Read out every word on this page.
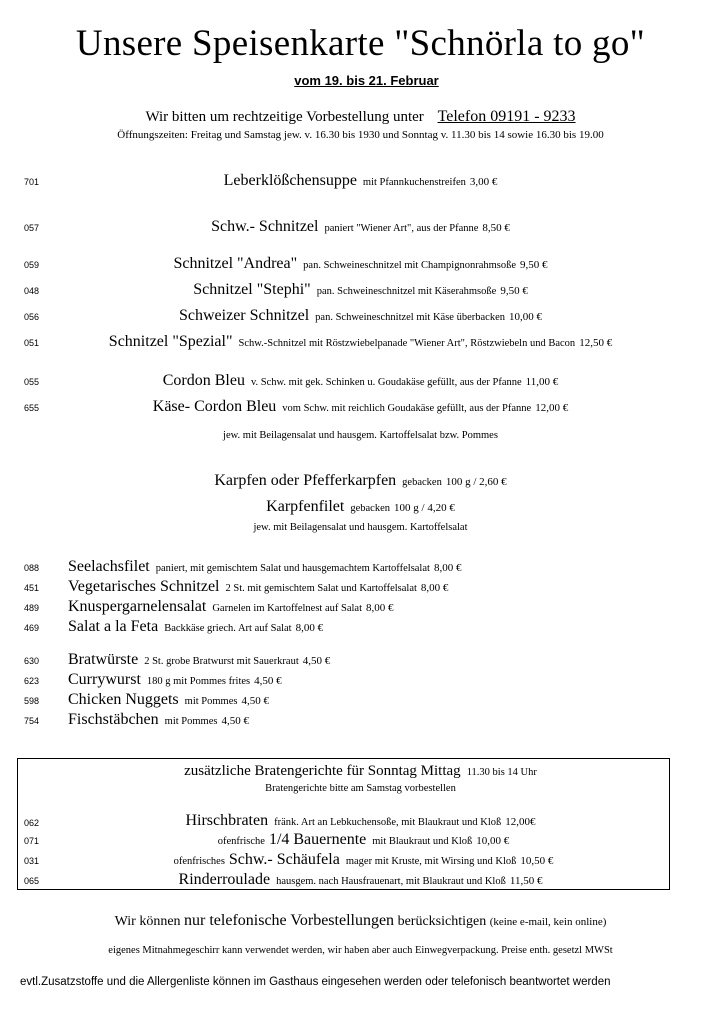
Unsere Speisenkarte "Schnörla to go"
vom 19. bis 21. Februar
Wir bitten um rechtzeitige Vorbestellung unter Telefon 09191 - 9233
Öffnungszeiten: Freitag und Samstag jew. v. 16.30 bis 1930 und Sonntag v. 11.30 bis 14 sowie 16.30 bis 19.00
701	Leberklößchensuppe mit Pfannkuchenstreifen 3,00 €
057	Schw.- Schnitzel paniert "Wiener Art", aus der Pfanne 8,50 €
059	Schnitzel "Andrea" pan. Schweineschnitzel mit Champignonrahmsoße 9,50 €
048	Schnitzel "Stephi" pan. Schweineschnitzel mit Käserahmsoße 9,50 €
056	Schweizer Schnitzel pan. Schweineschnitzel mit Käse überbacken 10,00 €
051	Schnitzel "Spezial" Schw.-Schnitzel mit Röstzwiebelpanade "Wiener Art", Röstzwiebeln und Bacon 12,50 €
055	Cordon Bleu v. Schw. mit gek. Schinken u. Goudakäse gefüllt, aus der Pfanne 11,00 €
655	Käse- Cordon Bleu vom Schw. mit reichlich Goudakäse gefüllt, aus der Pfanne 12,00 €
jew. mit Beilagensalat und hausgem. Kartoffelsalat bzw. Pommes
Karpfen oder Pfefferkarpfen gebacken 100 g / 2,60 €
Karpfenfilet gebacken 100 g / 4,20 €
jew. mit Beilagensalat und hausgem. Kartoffelsalat
088 Seelachsfilet paniert, mit gemischtem Salat und hausgemachtem Kartoffelsalat 8,00 €
451 Vegetarisches Schnitzel 2 St. mit gemischtem Salat und Kartoffelsalat 8,00 €
489 Knuspergarnelensalat Garnelen im Kartoffelnest auf Salat 8,00 €
469 Salat a la Feta Backkäse griech. Art auf Salat 8,00 €
630 Bratwürste 2 St. grobe Bratwurst mit Sauerkraut 4,50 €
623 Currywurst 180 g mit Pommes frites 4,50 €
598 Chicken Nuggets mit Pommes 4,50 €
754 Fischstäbchen mit Pommes 4,50 €
zusätzliche Bratengerichte für Sonntag Mittag 11.30 bis 14 Uhr
Bratengerichte bitte am Samstag vorbestellen
062	Hirschbraten fränk. Art an Lebkuchensoße, mit Blaukraut und Kloß 12,00€
071	ofenfrische 1/4 Bauernente mit Blaukraut und Kloß 10,00 €
031	ofenfrisches Schw.- Schäufela mager mit Kruste, mit Wirsing und Kloß 10,50 €
065	Rinderroulade hausgem. nach Hausfrauenart, mit Blaukraut und Kloß 11,50 €
Wir können nur telefonische Vorbestellungen berücksichtigen (keine e-mail, kein online)
eigenes Mitnahmegeschirr kann verwendet werden, wir haben aber auch Einwegverpackung. Preise enth. gesetzl MWSt
evtl.Zusatzstoffe und die Allergenliste können im Gasthaus eingesehen werden oder telefonisch beantwortet werden
